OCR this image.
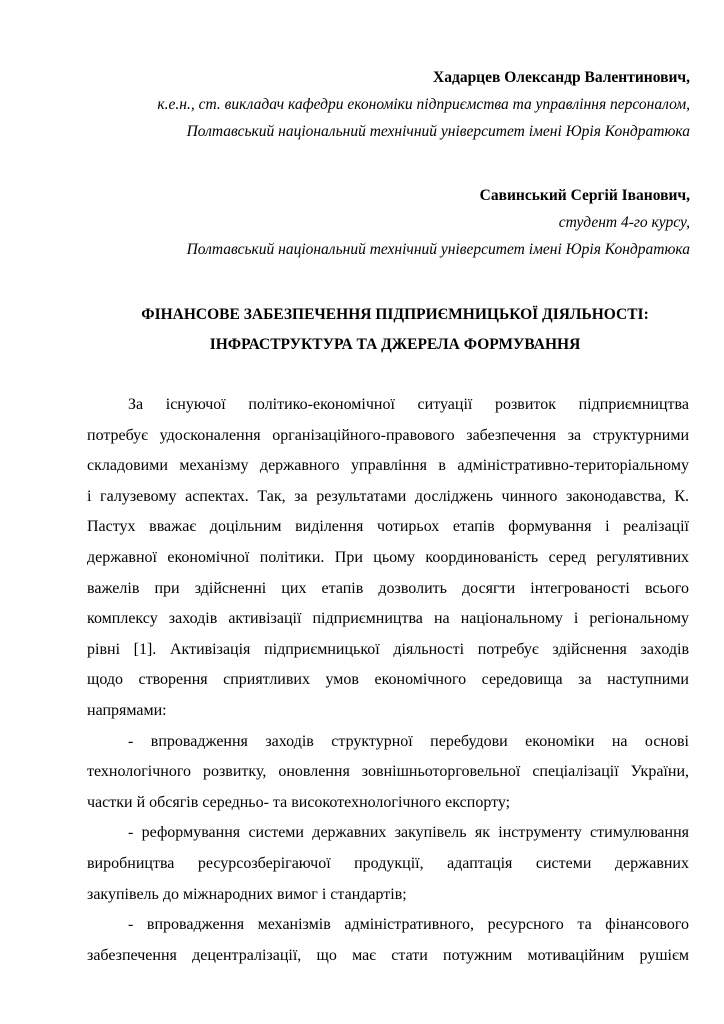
Хадарцев Олександр Валентинович,
к.е.н., ст. викладач кафедри економіки підприємства та управління персоналом,
Полтавський національний технічний університет імені Юрія Кондратюка
Савинський Сергій Іванович,
студент 4-го курсу,
Полтавський національний технічний університет імені Юрія Кондратюка
ФІНАНСОВЕ ЗАБЕЗПЕЧЕННЯ ПІДПРИЄМНИЦЬКОЇ ДІЯЛЬНОСТІ:
ІНФРАСТРУКТУРА ТА ДЖЕРЕЛА ФОРМУВАННЯ
За існуючої політико-економічної ситуації розвиток підприємництва
потребує удосконалення організаційного-правового забезпечення за структурними
складовими механізму державного управління в адміністративно-територіальному
і галузевому аспектах. Так, за результатами досліджень чинного законодавства, К.
Пастух вважає доцільним виділення чотирьох етапів формування і реалізації
державної економічної політики. При цьому координованість серед регулятивних
важелів при здійсненні цих етапів дозволить досягти інтегрованості всього
комплексу заходів активізації підприємництва на національному і регіональному
рівні [1]. Активізація підприємницької діяльності потребує здійснення заходів
щодо створення сприятливих умов економічного середовища за наступними
напрямами:
- впровадження заходів структурної перебудови економіки на основі
технологічного розвитку, оновлення зовнішньоторговельної спеціалізації України,
частки й обсягів середньо- та високотехнологічного експорту;
- реформування системи державних закупівель як інструменту стимулювання
виробництва ресурсозберігаючої продукції, адаптація системи державних
закупівель до міжнародних вимог і стандартів;
- впровадження механізмів адміністративного, ресурсного та фінансового
забезпечення децентралізації, що має стати потужним мотиваційним рушієм
